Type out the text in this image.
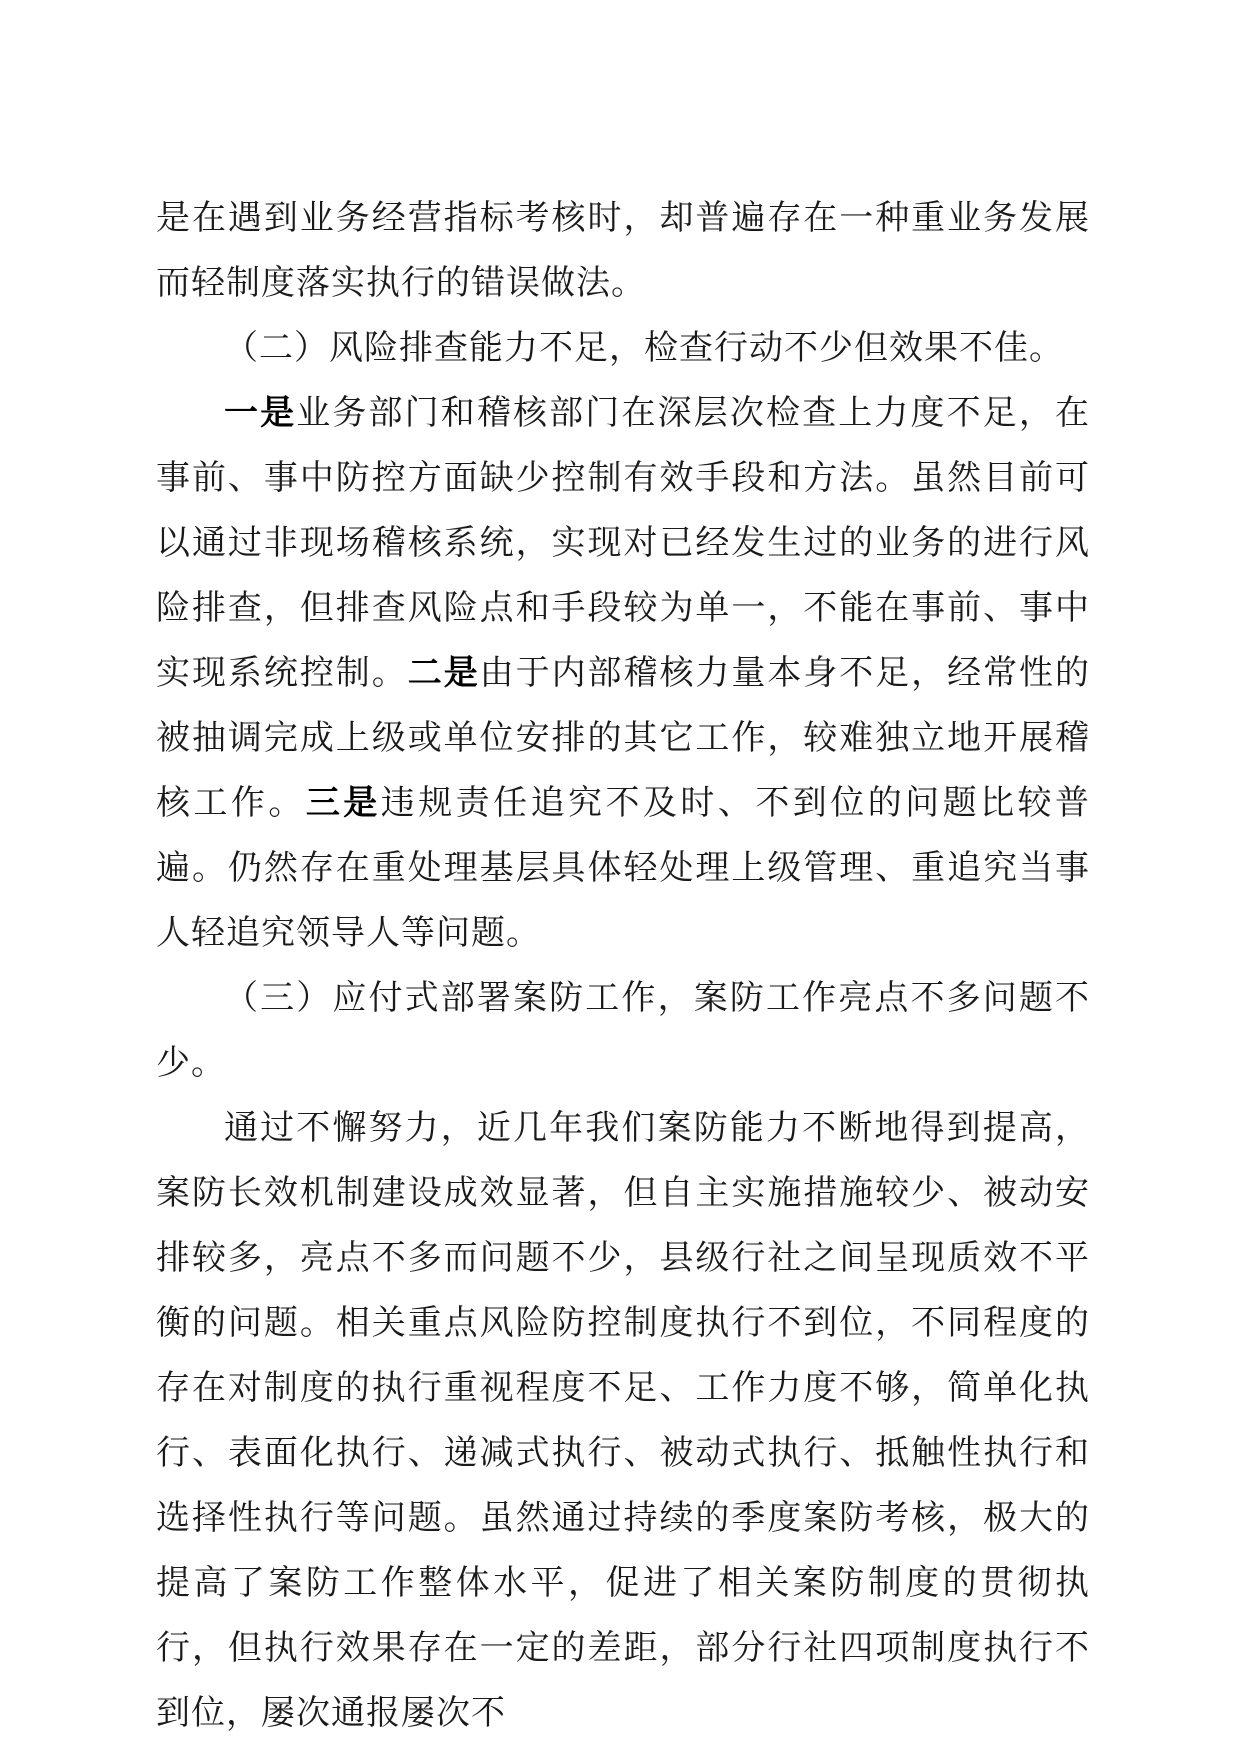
是在遇到业务经营指标考核时，却普遍存在一种重业务发展而轻制度落实执行的错误做法。

（二）风险排查能力不足，检查行动不少但效果不佳。

一是业务部门和稽核部门在深层次检查上力度不足，在事前、事中防控方面缺少控制有效手段和方法。虽然目前可以通过非现场稽核系统，实现对已经发生过的业务的进行风险排查，但排查风险点和手段较为单一，不能在事前、事中实现系统控制。二是由于内部稽核力量本身不足，经常性的被抽调完成上级或单位安排的其它工作，较难独立地开展稽核工作。三是违规责任追究不及时、不到位的问题比较普遍。仍然存在重处理基层具体轻处理上级管理、重追究当事人轻追究领导人等问题。

（三）应付式部署案防工作，案防工作亮点不多问题不少。

通过不懈努力，近几年我们案防能力不断地得到提高，案防长效机制建设成效显著，但自主实施措施较少、被动安排较多，亮点不多而问题不少，县级行社之间呈现质效不平衡的问题。相关重点风险防控制度执行不到位，不同程度的存在对制度的执行重视程度不足、工作力度不够，简单化执行、表面化执行、递减式执行、被动式执行、抵触性执行和选择性执行等问题。虽然通过持续的季度案防考核，极大的提高了案防工作整体水平，促进了相关案防制度的贯彻执行，但执行效果存在一定的差距，部分行社四项制度执行不到位，屡次通报屡次不
